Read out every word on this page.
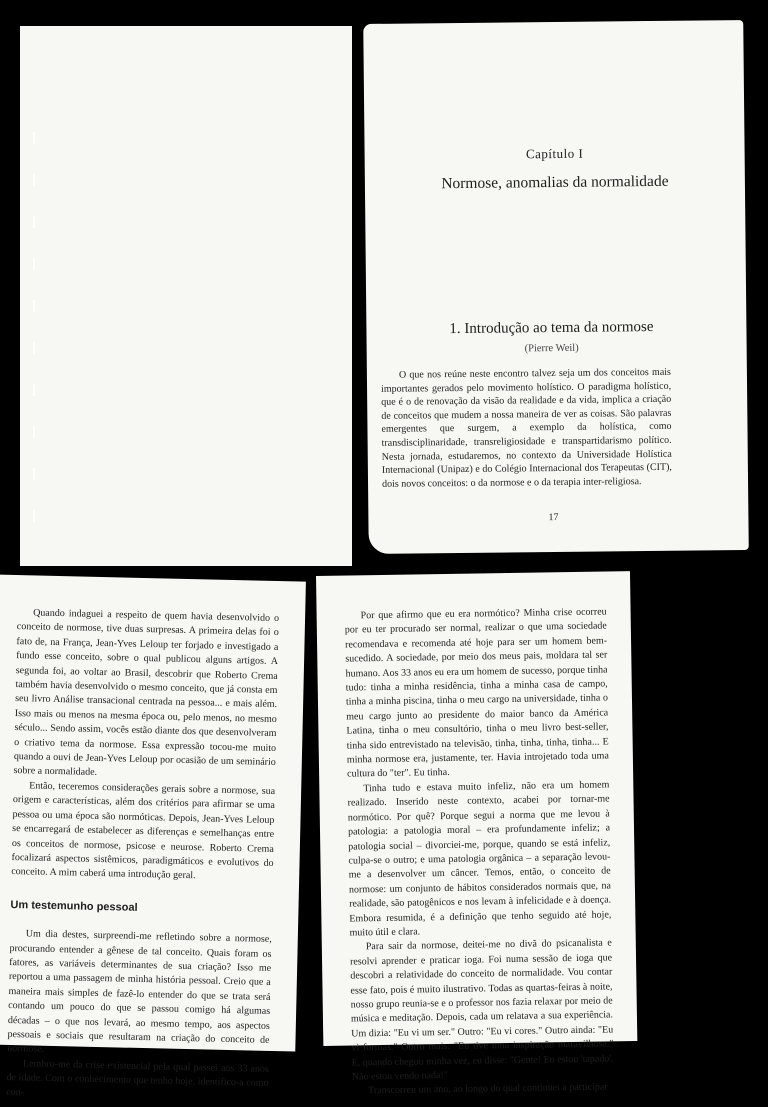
Capítulo I
Normose, anomalias da normalidade
1. Introdução ao tema da normose
(Pierre Weil)

O que nos reúne neste encontro talvez seja um dos conceitos mais importantes gerados pelo movimento holístico. O paradigma holístico, que é o de renovação da visão da realidade e da vida, implica a criação de conceitos que mudem a nossa maneira de ver as coisas. São palavras emergentes que surgem, a exemplo da holística, como transdisciplinaridade, transreligiosidade e transpartidarismo político. Nesta jornada, estudaremos, no contexto da Universidade Holística Internacional (Unipaz) e do Colégio Internacional dos Terapeutas (CIT), dois novos conceitos: o da normose e o da terapia inter-religiosa.

17

Quando indaguei a respeito de quem havia desenvolvido o conceito de normose, tive duas surpresas. A primeira delas foi o fato de, na França, Jean-Yves Leloup ter forjado e investigado a fundo esse conceito, sobre o qual publicou alguns artigos. A segunda foi, ao voltar ao Brasil, descobrir que Roberto Crema também havia desenvolvido o mesmo conceito, que já consta em seu livro Análise transacional centrada na pessoa... e mais além. Isso mais ou menos na mesma época ou, pelo menos, no mesmo século... Sendo assim, vocês estão diante dos que desenvolveram o criativo tema da normose. Essa expressão tocou-me muito quando a ouvi de Jean-Yves Leloup por ocasião de um seminário sobre a normalidade.

Então, teceremos considerações gerais sobre a normose, sua origem e características, além dos critérios para afirmar se uma pessoa ou uma época são normóticas. Depois, Jean-Yves Leloup se encarregará de estabelecer as diferenças e semelhanças entre os conceitos de normose, psicose e neurose. Roberto Crema focalizará aspectos sistêmicos, paradigmáticos e evolutivos do conceito. A mim caberá uma introdução geral.

Um testemunho pessoal

Um dia destes, surpreendi-me refletindo sobre a normose, procurando entender a gênese de tal conceito. Quais foram os fatores, as variáveis determinantes de sua criação? Isso me reportou a uma passagem de minha história pessoal. Creio que a maneira mais simples de fazê-lo entender do que se trata será contando um pouco do que se passou comigo há algumas décadas – o que nos levará, ao mesmo tempo, aos aspectos pessoais e sociais que resultaram na criação do conceito de normose.

Lembro-me da crise existencial pela qual passei aos 33 anos de idade. Com o conhecimento que tenho hoje, identifico-a como con-

Por que afirmo que eu era normótico? Minha crise ocorreu por eu ter procurado ser normal, realizar o que uma sociedade recomendava e recomenda até hoje para ser um homem bem-sucedido. A sociedade, por meio dos meus pais, moldara tal ser humano. Aos 33 anos eu era um homem de sucesso, porque tinha tudo: tinha a minha residência, tinha a minha casa de campo, tinha a minha piscina, tinha o meu cargo na universidade, tinha o meu cargo junto ao presidente do maior banco da América Latina, tinha o meu consultório, tinha o meu livro best-seller, tinha sido entrevistado na televisão, tinha, tinha, tinha, tinha... E minha normose era, justamente, ter. Havia introjetado toda uma cultura do "ter". Eu tinha.

Tinha tudo e estava muito infeliz, não era um homem realizado. Inserido neste contexto, acabei por tornar-me normótico. Por quê? Porque segui a norma que me levou à patologia: a patologia moral – era profundamente infeliz; a patologia social – divorciei-me, porque, quando se está infeliz, culpa-se o outro; e uma patologia orgânica – a separação levou-me a desenvolver um câncer. Temos, então, o conceito de normose: um conjunto de hábitos considerados normais que, na realidade, são patogênicos e nos levam à infelicidade e à doença. Embora resumida, é a definição que tenho seguido até hoje, muito útil e clara.

Para sair da normose, deitei-me no divã do psicanalista e resolvi aprender e praticar ioga. Foi numa sessão de ioga que descobri a relatividade do conceito de normalidade. Vou contar esse fato, pois é muito ilustrativo. Todas as quartas-feiras à noite, nosso grupo reunia-se e o professor nos fazia relaxar por meio de música e meditação. Depois, cada um relatava a sua experiência. Um dizia: "Eu vi um ser." Outro: "Eu vi cores." Outro ainda: "Eu vi formas." Outro mais: "Eu tive uma inspiração maravilhosa." E, quando chegou minha vez, eu disse: "Gente! Eu estou 'tapado'. Não estou vendo nada!"

Transcorreu um ano, ao longo do qual continuei a participar
